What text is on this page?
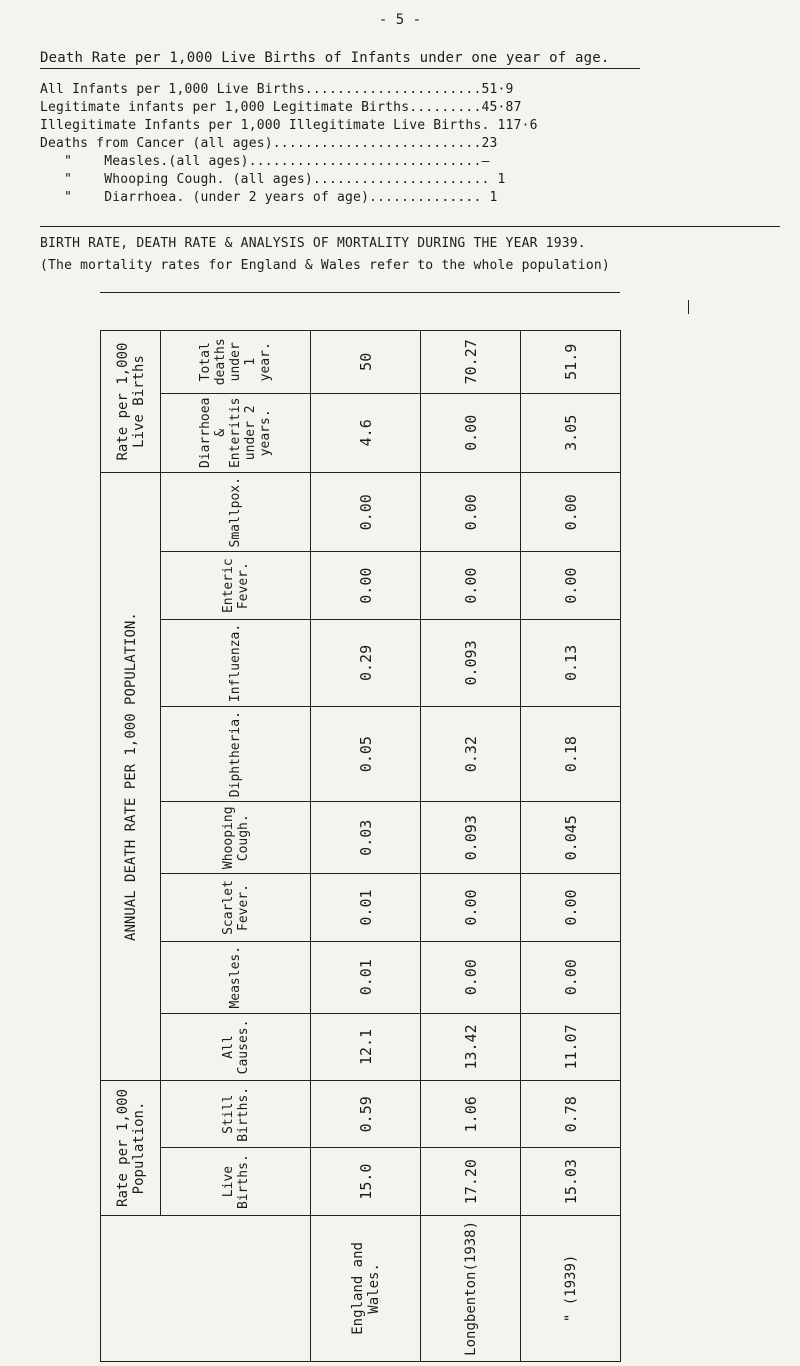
- 5 -
Death Rate per 1,000 Live Births of Infants under one year of age.
All Infants per 1,000 Live Births......................51·9
Legitimate infants per 1,000 Legitimate Births.........45·87
Illegitimate Infants per 1,000 Illegitimate Live Births. 117·6
Deaths from Cancer (all ages)..........................23
"    Measles.(all ages).............................—
"    Whooping Cough. (all ages)...................... 1
"    Diarrhoea. (under 2 years of age).............. 1
BIRTH RATE, DEATH RATE & ANALYSIS OF MORTALITY DURING THE YEAR 1939.
(The mortality rates for England & Wales refer to the whole population)
	Rate per 1,000 Population.		ANNUAL DEATH RATE PER 1,000 POPULATION.								Rate per 1,000 Live Births	
	Live Births.	Still Births.	All Causes.	Measles.	Scarlet Fever.	Whooping Cough.	Diphtheria.	Influenza.	Enteric Fever.	Smallpox.	Diarrhoea & Enteritis under 2 years.	Total deaths under 1 year.
England and Wales.	15.0	0.59	12.1	0.01	0.01	0.03	0.05	0.29	0.00	0.00	4.6	50
Longbenton(1938)	17.20	1.06	13.42	0.00	0.00	0.093	0.32	0.093	0.00	0.00	0.00	70.27
" (1939)	15.03	0.78	11.07	0.00	0.00	0.045	0.18	0.13	0.00	0.00	3.05	51.9
